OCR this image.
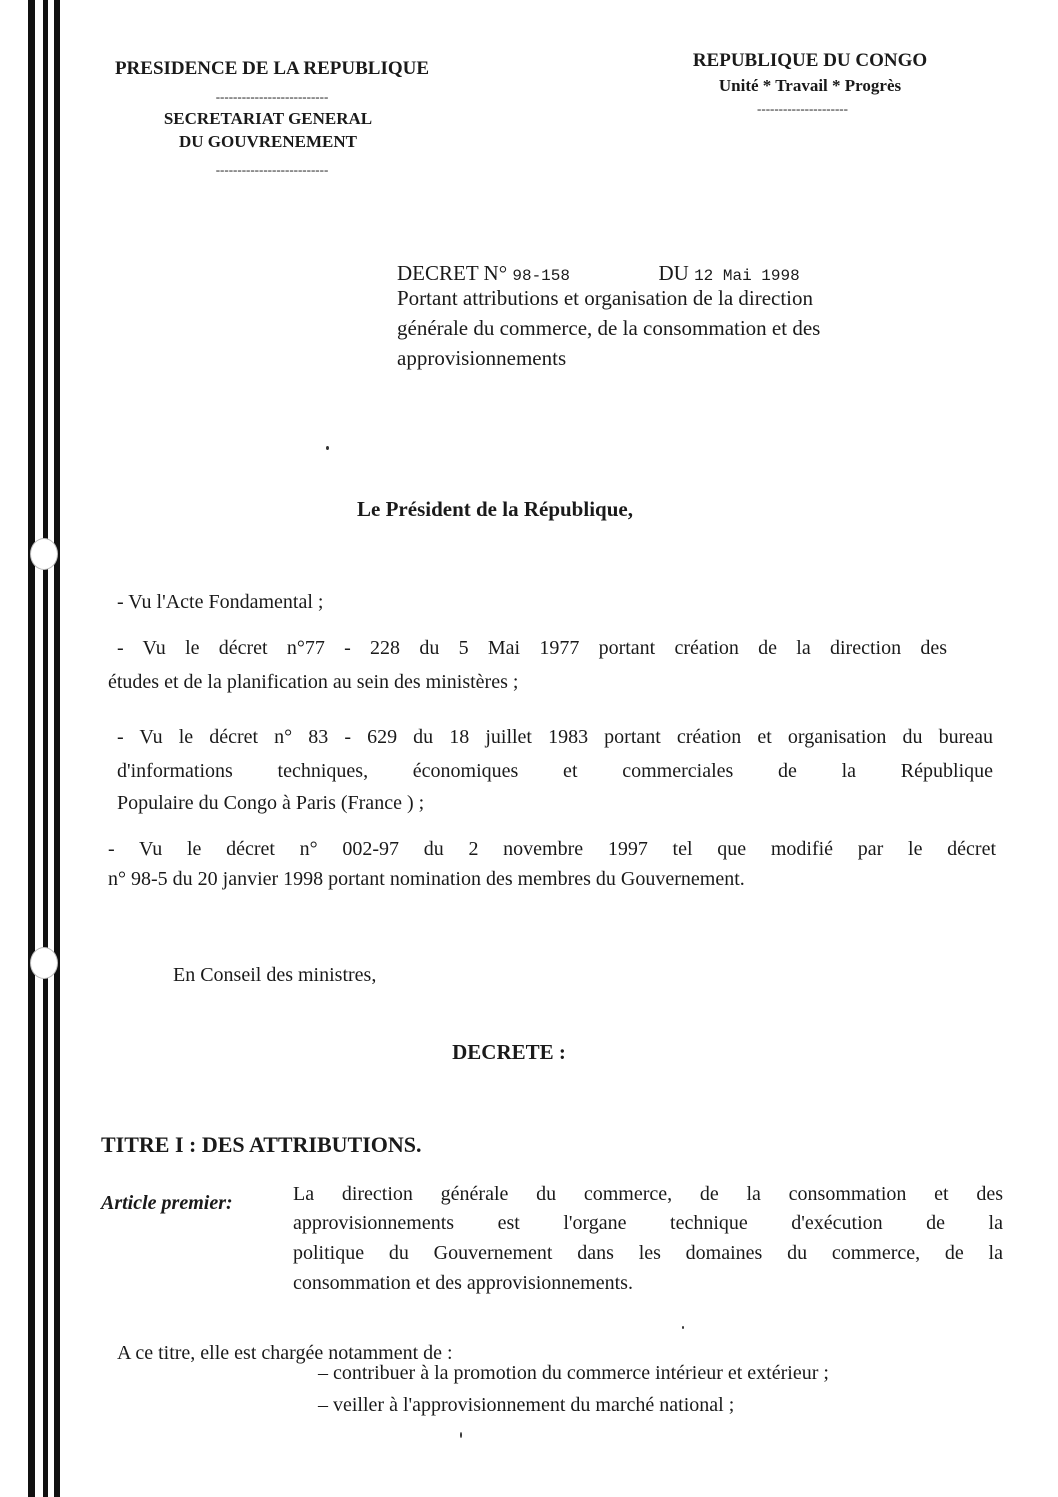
PRESIDENCE DE LA REPUBLIQUE
--------------------------
SECRETARIAT GENERAL
DU GOUVRENEMENT
--------------------------
REPUBLIQUE DU CONGO
Unité * Travail * Progrès
---------------------
DECRET N° 98-158	DU 12 Mai 1998
Portant attributions et organisation de la direction
générale du commerce, de la consommation et des
approvisionnements
Le Président de la République,
- Vu l'Acte Fondamental ;
- Vu le décret n°77 - 228 du 5 Mai 1977 portant création de la direction des
études et de la planification au sein des ministères ;
- Vu le décret n° 83 - 629 du 18 juillet 1983 portant création et organisation du bureau
d'informations techniques, économiques et commerciales de la République
Populaire du Congo à Paris (France ) ;
- Vu le décret n° 002-97 du 2 novembre 1997 tel que modifié par le décret
n° 98-5 du 20 janvier 1998 portant nomination des membres du Gouvernement.
En Conseil des ministres,
DECRETE :
TITRE I : DES ATTRIBUTIONS.
Article premier:	La direction générale du commerce, de la consommation et des
approvisionnements est l'organe technique d'exécution de la
politique du Gouvernement dans les domaines du commerce, de la
consommation et des approvisionnements.
A ce titre, elle est chargée notamment de :
– contribuer à la promotion du commerce intérieur et extérieur ;
– veiller à l'approvisionnement du marché national ;
